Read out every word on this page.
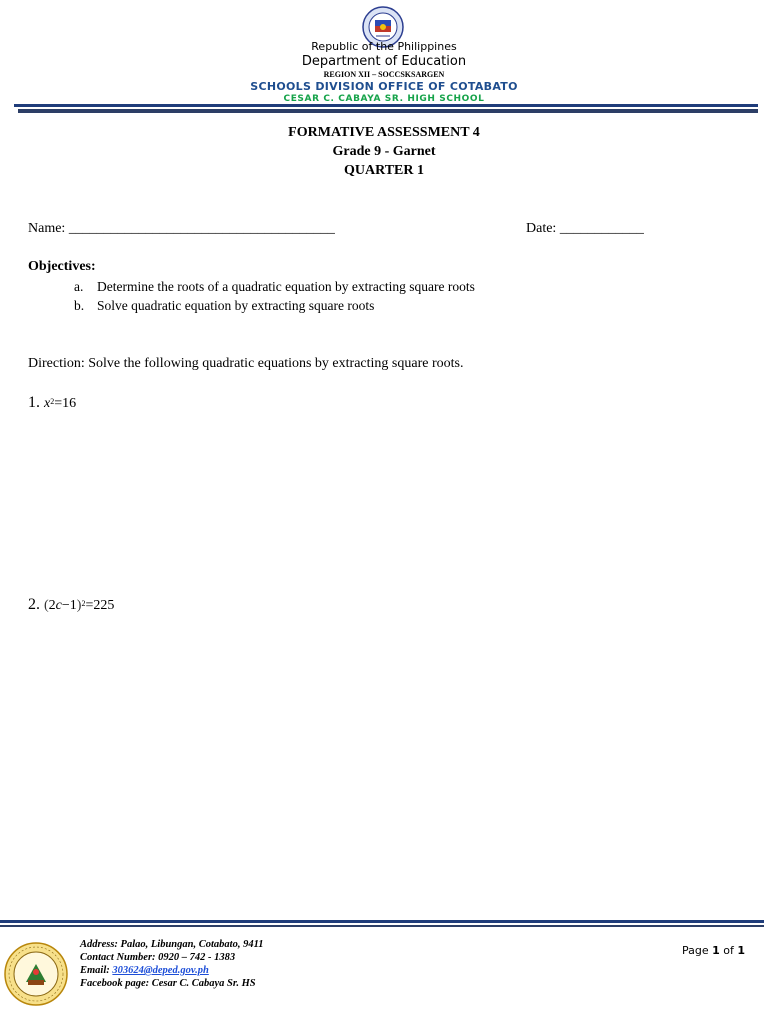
Republic of the Philippines
Department of Education
REGION XII – SOCCSKSARGEN
SCHOOLS DIVISION OFFICE OF COTABATO
CESAR C. CABAYA SR. HIGH SCHOOL
FORMATIVE ASSESSMENT 4
Grade 9 - Garnet
QUARTER 1
Name: ______________________________________	Date: ____________
Objectives:
a. Determine the roots of a quadratic equation by extracting square roots
b. Solve quadratic equation by extracting square roots
Direction: Solve the following quadratic equations by extracting square roots.
1. $x^2=16$
2. $(2c-1)^2=225$
Address: Palao, Libungan, Cotabato, 9411
Contact Number: 0920 – 742 - 1383
Email: 303624@deped.gov.ph
Facebook page: Cesar C. Cabaya Sr. HS
Page 1 of 1
